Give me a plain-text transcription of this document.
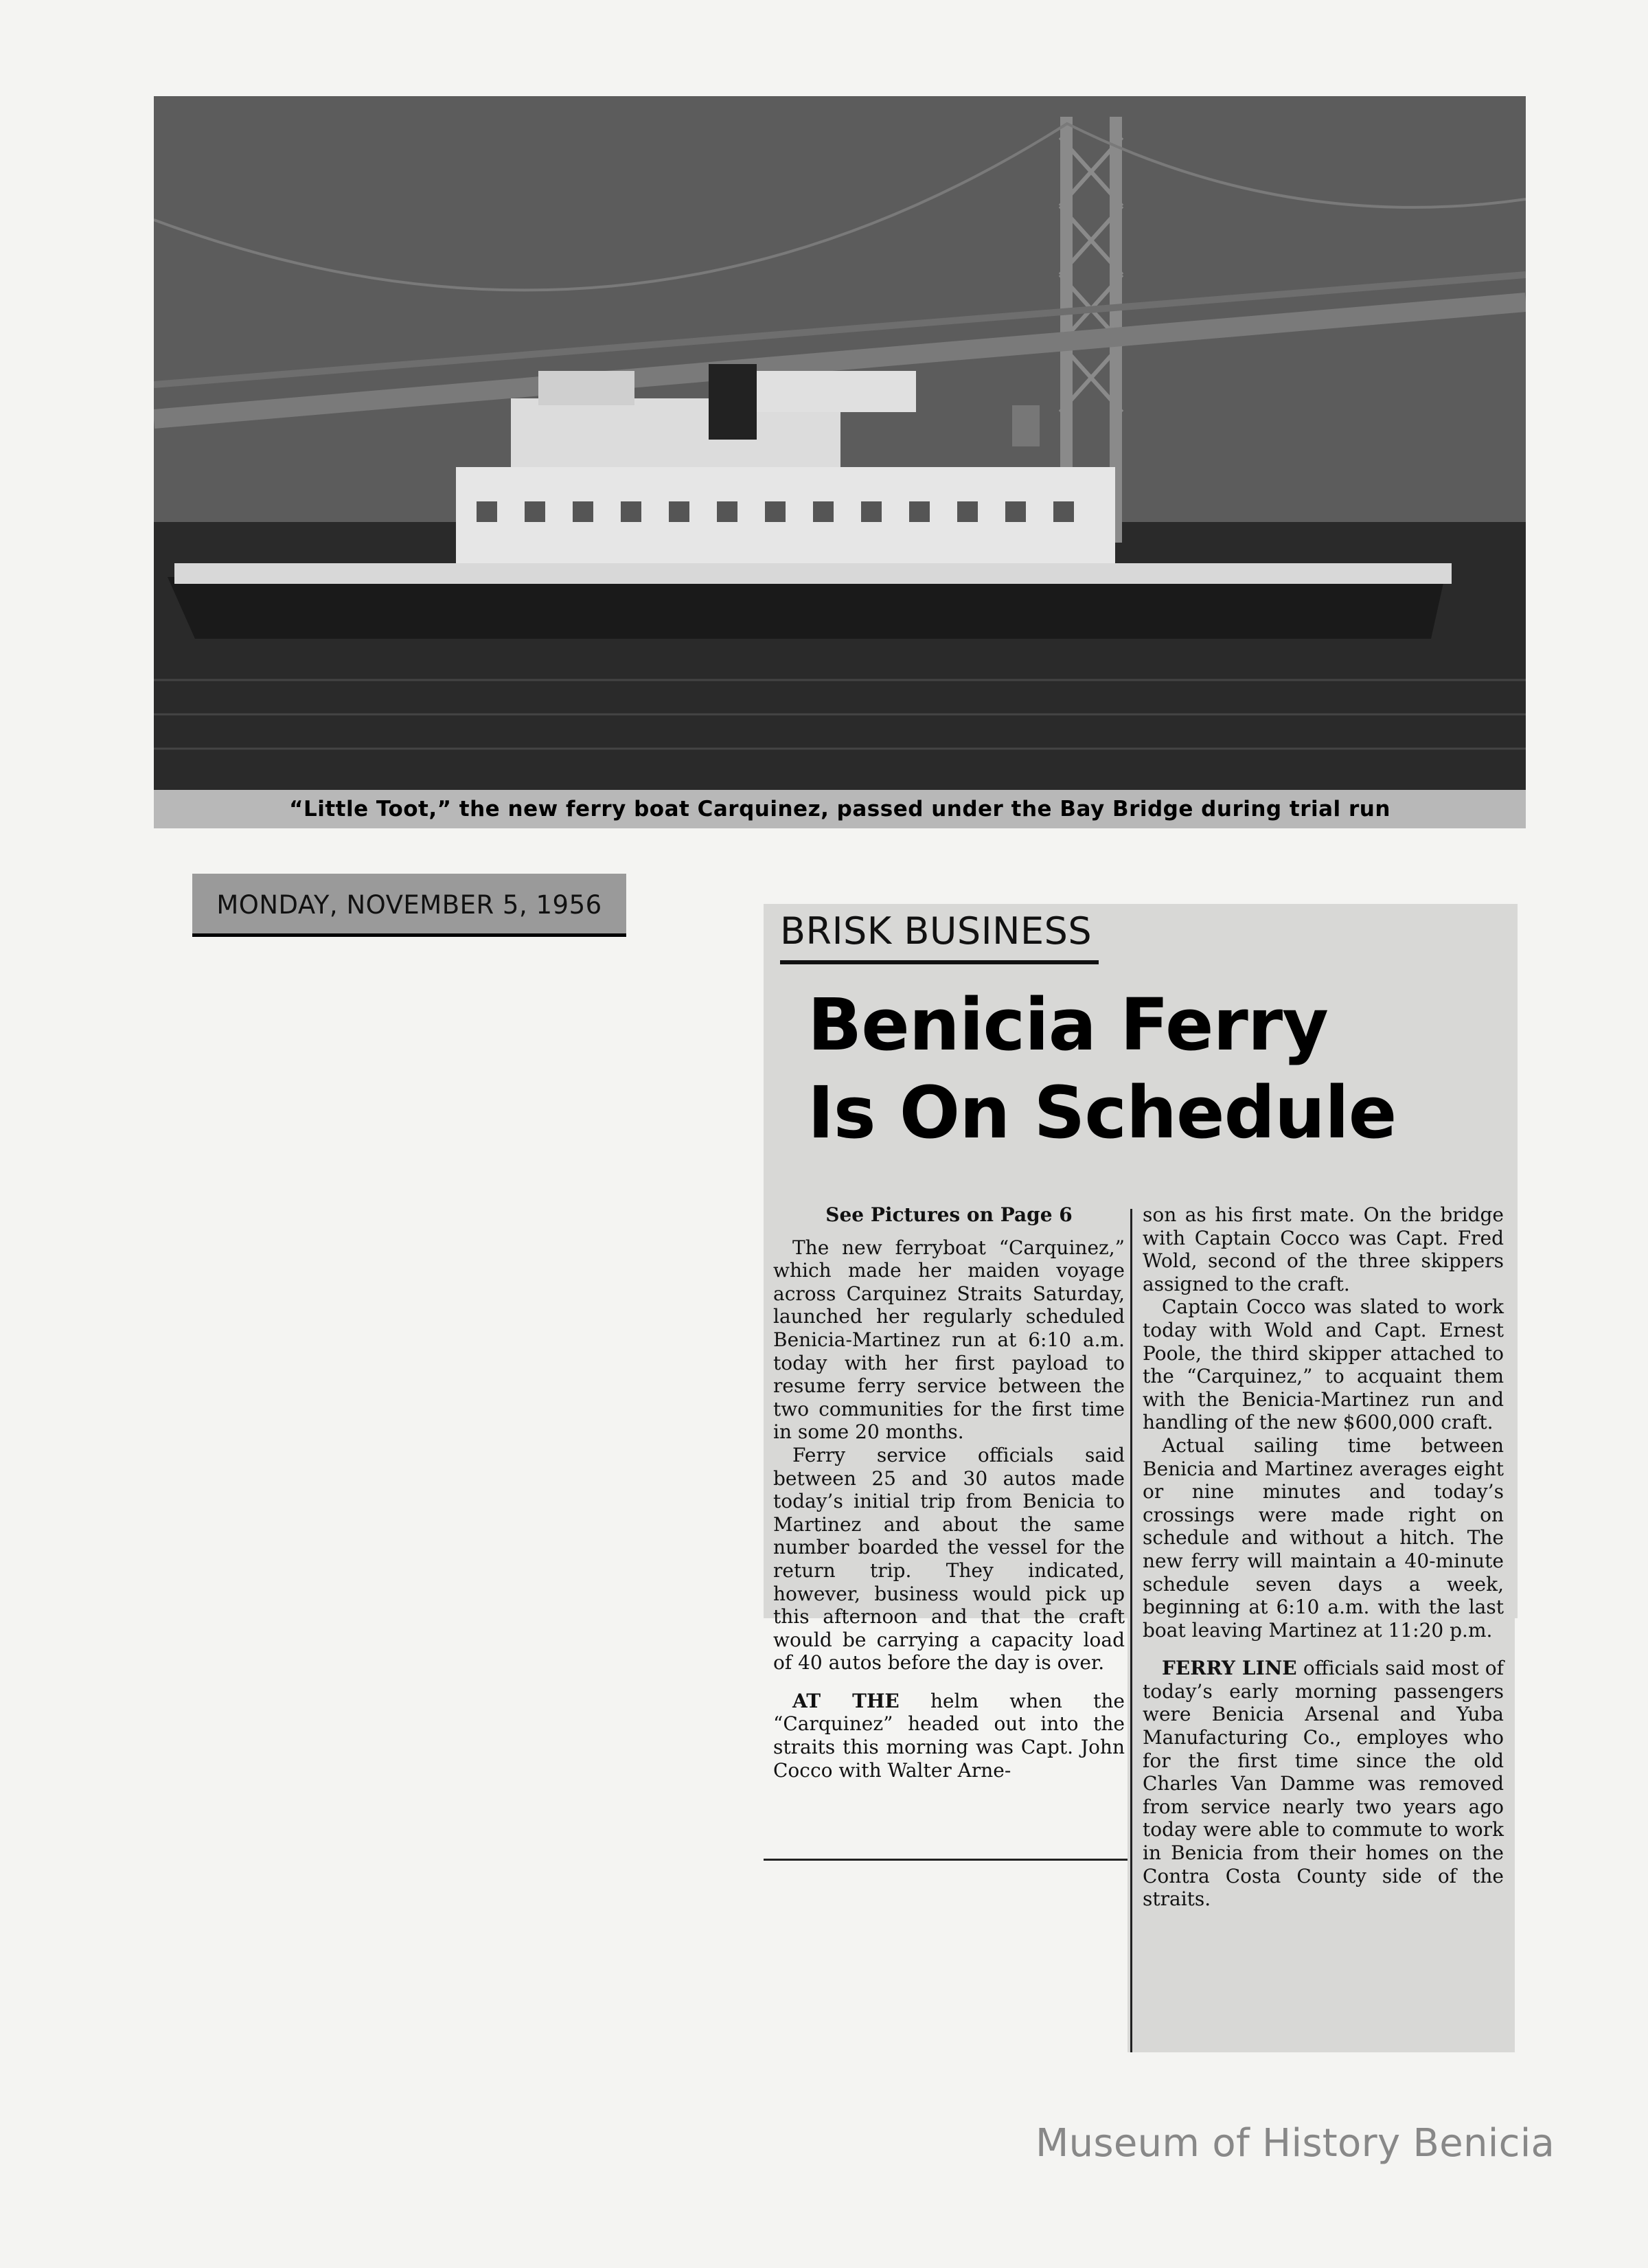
“Little Toot,” the new ferry boat Carquinez, passed under the Bay Bridge during trial run
MONDAY, NOVEMBER 5, 1956
BRISK BUSINESS
Benicia Ferry
Is On Schedule

See Pictures on Page 6

The new ferryboat “Carquinez,” which made her maiden voyage across Carquinez Straits Saturday, launched her regularly scheduled Benicia-Martinez run at 6:10 a.m. today with her first payload to resume ferry service between the two communities for the first time in some 20 months.

Ferry service officials said between 25 and 30 autos made today’s initial trip from Benicia to Martinez and about the same number boarded the vessel for the return trip. They indicated, however, business would pick up this afternoon and that the craft would be carrying a capacity load of 40 autos before the day is over.

AT THE helm when the “Carquinez” headed out into the straits this morning was Capt. John Cocco with Walter Arne-

son as his first mate. On the bridge with Captain Cocco was Capt. Fred Wold, second of the three skippers assigned to the craft.

Captain Cocco was slated to work today with Wold and Capt. Ernest Poole, the third skipper attached to the “Carquinez,” to acquaint them with the Benicia-Martinez run and handling of the new $600,000 craft.

Actual sailing time between Benicia and Martinez averages eight or nine minutes and today’s crossings were made right on schedule and without a hitch. The new ferry will maintain a 40-minute schedule seven days a week, beginning at 6:10 a.m. with the last boat leaving Martinez at 11:20 p.m.

FERRY LINE officials said most of today’s early morning passengers were Benicia Arsenal and Yuba Manufacturing Co., employes who for the first time since the old Charles Van Damme was removed from service nearly two years ago today were able to commute to work in Benicia from their homes on the Contra Costa County side of the straits.

Museum of History Benicia
